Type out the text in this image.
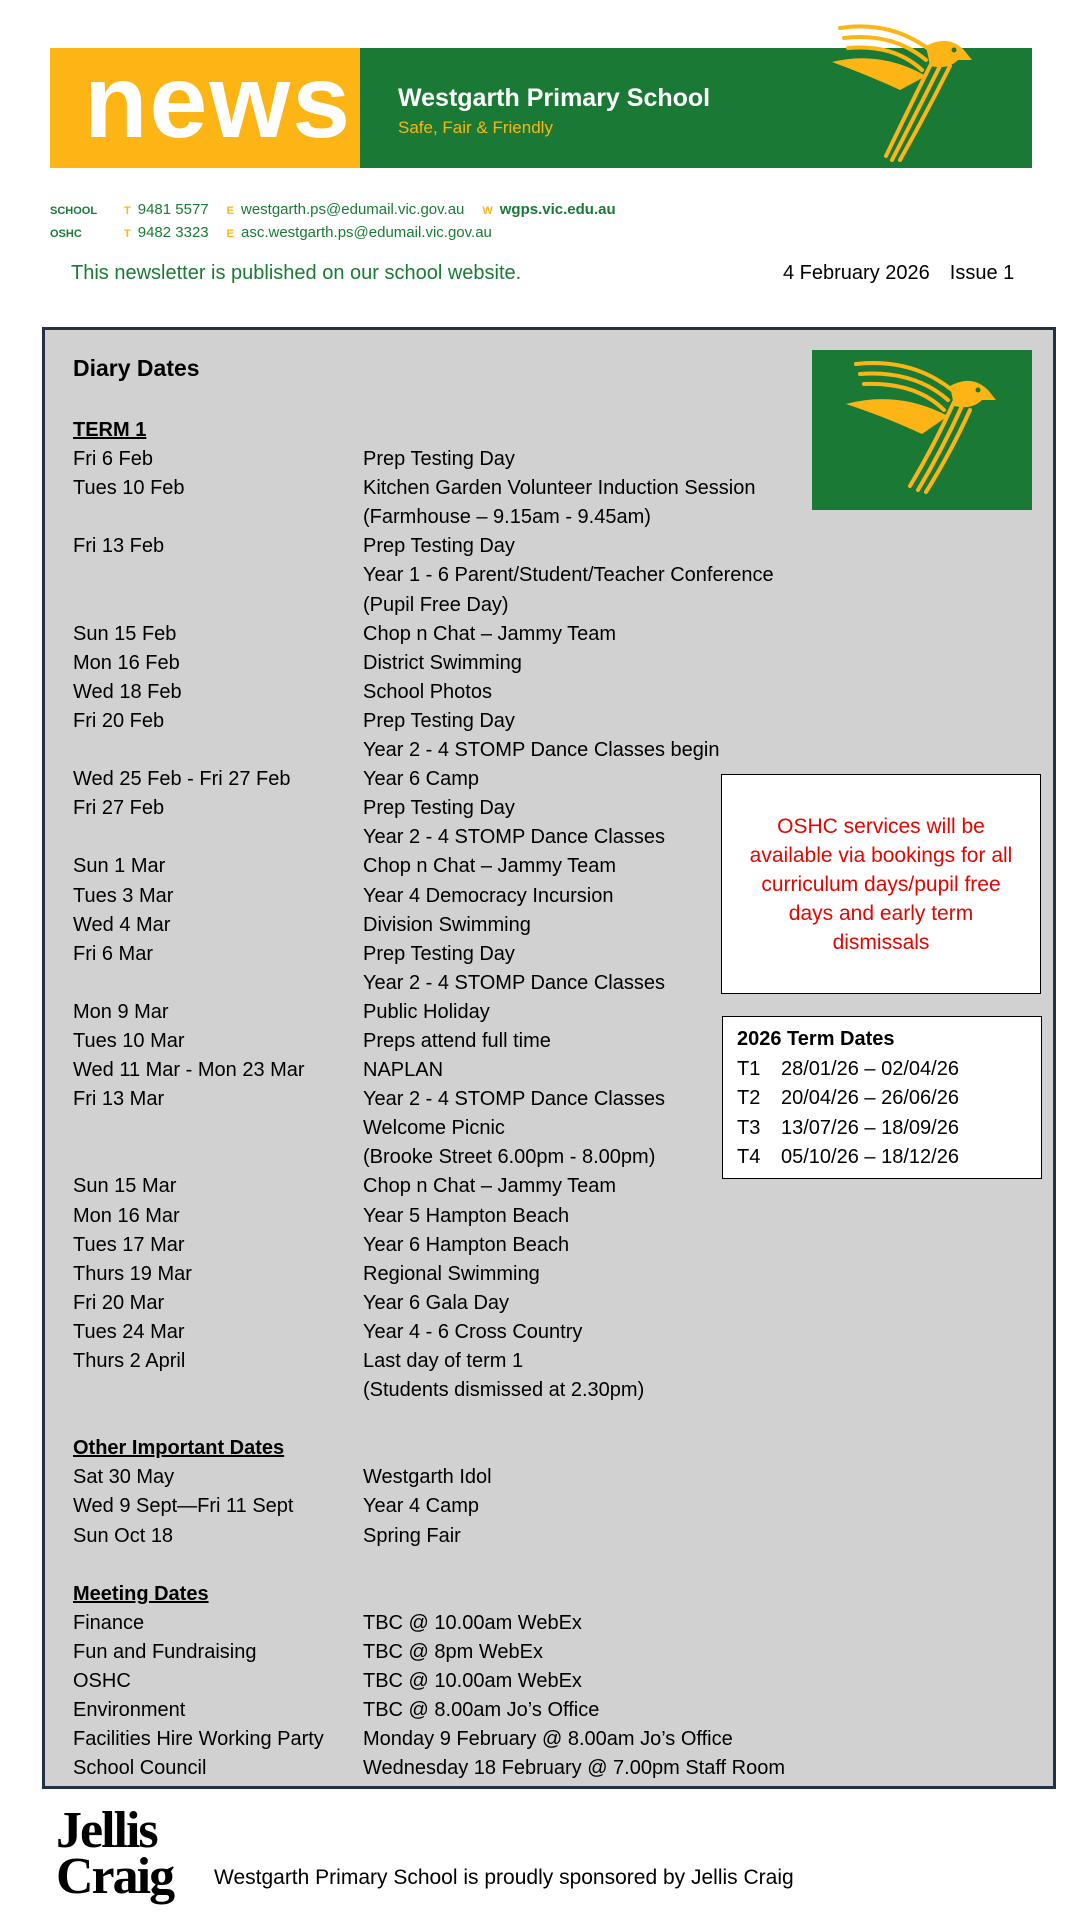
news Westgarth Primary School
Safe, Fair & Friendly
SCHOOL	T 9481 5577 E westgarth.ps@edumail.vic.gov.au W wgps.vic.edu.au
OSHC	T 9482 3323 E asc.westgarth.ps@edumail.vic.gov.au
This newsletter is published on our school website.	4 February 2026 Issue 1
Diary Dates
TERM 1
Fri 6 Feb	Prep Testing Day
Tues 10 Feb	Kitchen Garden Volunteer Induction Session
(Farmhouse – 9.15am - 9.45am)
Fri 13 Feb	Prep Testing Day
Year 1 - 6 Parent/Student/Teacher Conference
(Pupil Free Day)
Sun 15 Feb	Chop n Chat – Jammy Team
Mon 16 Feb	District Swimming
Wed 18 Feb	School Photos
Fri 20 Feb	Prep Testing Day
Year 2 - 4 STOMP Dance Classes begin
Wed 25 Feb - Fri 27 Feb	Year 6 Camp
Fri 27 Feb	Prep Testing Day
Year 2 - 4 STOMP Dance Classes
Sun 1 Mar	Chop n Chat – Jammy Team
Tues 3 Mar	Year 4 Democracy Incursion
Wed 4 Mar	Division Swimming
Fri 6 Mar	Prep Testing Day
Year 2 - 4 STOMP Dance Classes
Mon 9 Mar	Public Holiday
Tues 10 Mar	Preps attend full time
Wed 11 Mar - Mon 23 Mar	NAPLAN
Fri 13 Mar	Year 2 - 4 STOMP Dance Classes
Welcome Picnic
(Brooke Street 6.00pm - 8.00pm)
Sun 15 Mar	Chop n Chat – Jammy Team
Mon 16 Mar	Year 5 Hampton Beach
Tues 17 Mar	Year 6 Hampton Beach
Thurs 19 Mar	Regional Swimming
Fri 20 Mar	Year 6 Gala Day
Tues 24 Mar	Year 4 - 6 Cross Country
Thurs 2 April	Last day of term 1
(Students dismissed at 2.30pm)
Other Important Dates
Sat 30 May	Westgarth Idol
Wed 9 Sept—Fri 11 Sept	Year 4 Camp
Sun Oct 18	Spring Fair
Meeting Dates
Finance	TBC @ 10.00am WebEx
Fun and Fundraising	TBC @ 8pm WebEx
OSHC	TBC @ 10.00am WebEx
Environment	TBC @ 8.00am Jo’s Office
Facilities Hire Working Party	Monday 9 February @ 8.00am Jo’s Office
School Council	Wednesday 18 February @ 7.00pm Staff Room
OSHC services will be available via bookings for all curriculum days/pupil free days and early term dismissals
2026 Term Dates
T1	28/01/26 – 02/04/26
T2	20/04/26 – 26/06/26
T3	13/07/26 – 18/09/26
T4	05/10/26 – 18/12/26
Jellis
Craig Westgarth Primary School is proudly sponsored by Jellis Craig
